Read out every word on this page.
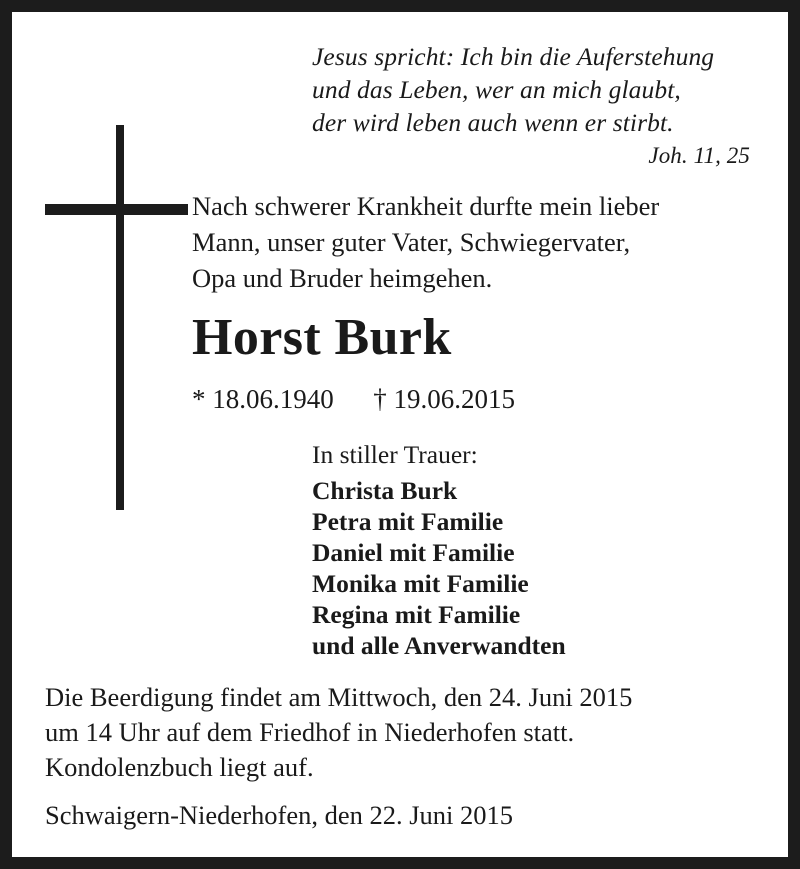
Jesus spricht: Ich bin die Auferstehung
und das Leben, wer an mich glaubt,
der wird leben auch wenn er stirbt.
Joh. 11, 25
Nach schwerer Krankheit durfte mein lieber
Mann, unser guter Vater, Schwiegervater,
Opa und Bruder heimgehen.
Horst Burk
* 18.06.1940 † 19.06.2015
In stiller Trauer:
Christa Burk
Petra mit Familie
Daniel mit Familie
Monika mit Familie
Regina mit Familie
und alle Anverwandten
Die Beerdigung findet am Mittwoch, den 24. Juni 2015
um 14 Uhr auf dem Friedhof in Niederhofen statt.
Kondolenzbuch liegt auf.
Schwaigern-Niederhofen, den 22. Juni 2015
